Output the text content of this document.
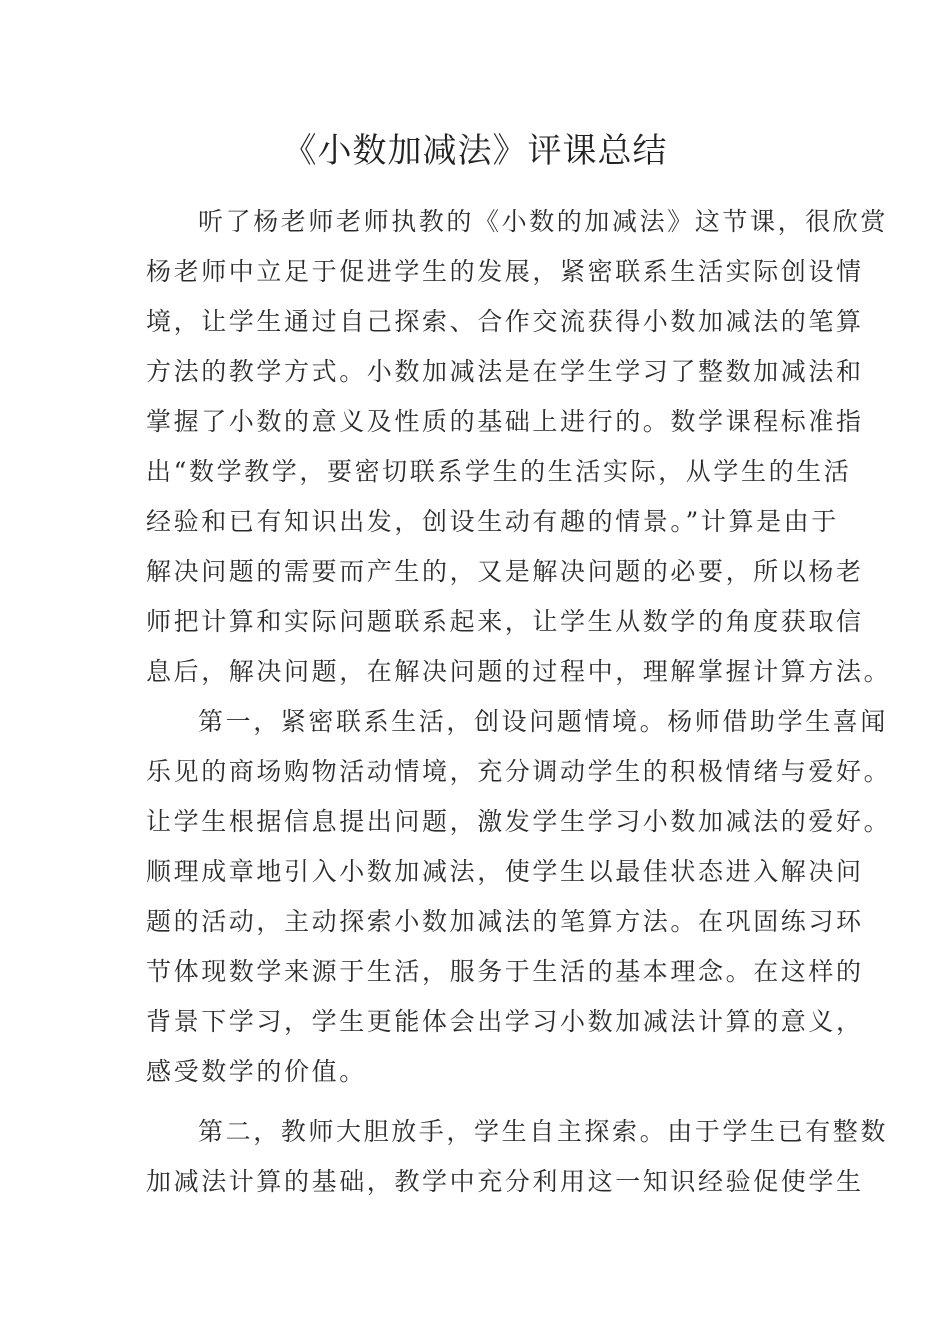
《小数加减法》评课总结
听了杨老师老师执教的《小数的加减法》这节课，很欣赏
杨老师中立足于促进学生的发展，紧密联系生活实际创设情
境，让学生通过自己探索、合作交流获得小数加减法的笔算
方法的教学方式。小数加减法是在学生学习了整数加减法和
掌握了小数的意义及性质的基础上进行的。数学课程标准指
出“数学教学，要密切联系学生的生活实际，从学生的生活
经验和已有知识出发，创设生动有趣的情景。”计算是由于
解决问题的需要而产生的，又是解决问题的必要，所以杨老
师把计算和实际问题联系起来，让学生从数学的角度获取信
息后，解决问题，在解决问题的过程中，理解掌握计算方法。
第一，紧密联系生活，创设问题情境。杨师借助学生喜闻
乐见的商场购物活动情境，充分调动学生的积极情绪与爱好。
让学生根据信息提出问题，激发学生学习小数加减法的爱好。
顺理成章地引入小数加减法，使学生以最佳状态进入解决问
题的活动，主动探索小数加减法的笔算方法。在巩固练习环
节体现数学来源于生活，服务于生活的基本理念。在这样的
背景下学习，学生更能体会出学习小数加减法计算的意义，
感受数学的价值。
第二，教师大胆放手，学生自主探索。由于学生已有整数
加减法计算的基础，教学中充分利用这一知识经验促使学生
